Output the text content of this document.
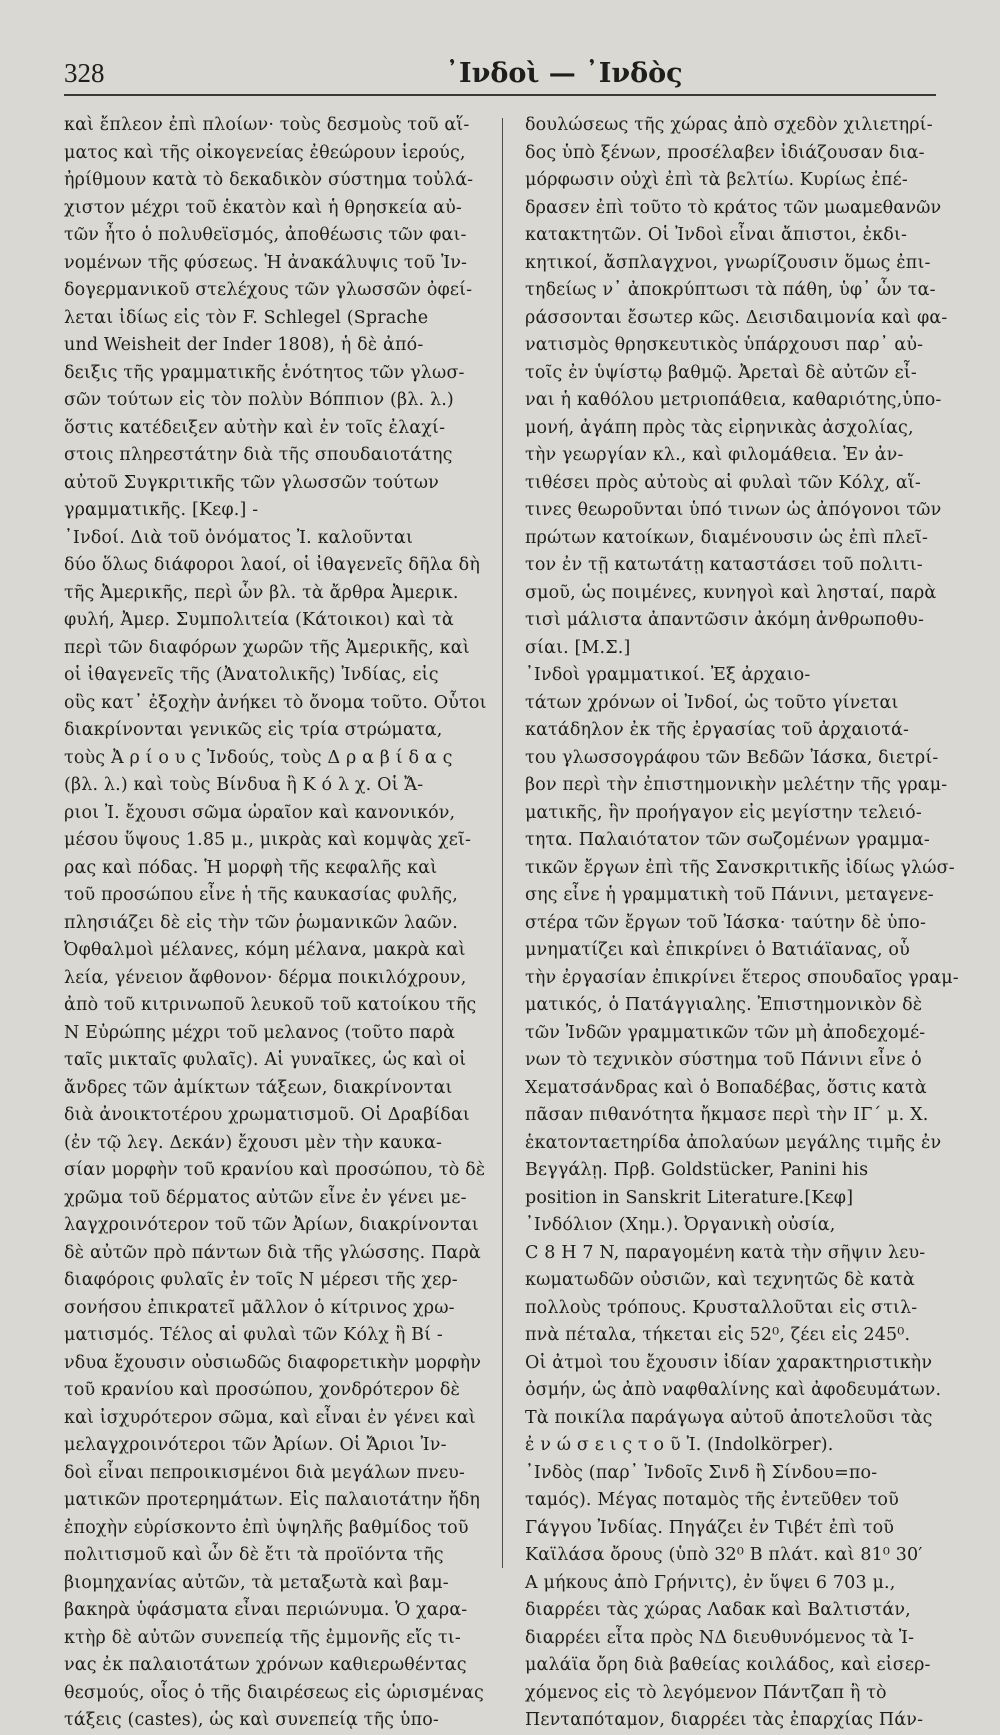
328	᾿Ινδοὶ — ᾿Ινδὸς
καὶ ἔπλεον ἐπὶ πλοίων· τοὺς δεσμοὺς τοῦ αἵ-
ματος καὶ τῆς οἰκογενείας ἐθεώρουν ἱερούς,
ἠρίθμουν κατὰ τὸ δεκαδικὸν σύστημα τοὐλά-
χιστον μέχρι τοῦ ἑκατὸν καὶ ἡ θρησκεία αὐ-
τῶν ἦτο ὁ πολυθεϊσμός, ἀποθέωσις τῶν φαι-
νομένων τῆς φύσεως. Ἡ ἀνακάλυψις τοῦ Ἰν-
δογερμανικοῦ στελέχους τῶν γλωσσῶν ὀφεί-
λεται ἰδίως εἰς τὸν F. Schlegel (Sprache
und Weisheit der Inder 1808), ἡ δὲ ἀπό-
δειξις τῆς γραμματικῆς ἑνότητος τῶν γλωσ-
σῶν τούτων εἰς τὸν πολὺν Βόππιον (βλ. λ.)
ὅστις κατέδειξεν αὐτὴν καὶ ἐν τοῖς ἐλαχί-
στοις πληρεστάτην διὰ τῆς σπουδαιοτάτης
αὐτοῦ Συγκριτικῆς τῶν γλωσσῶν τούτων
γραμματικῆς. [Κεφ.] -
᾿Ινδοί. Διὰ τοῦ ὀνόματος Ἰ. καλοῦνται
δύο ὅλως διάφοροι λαοί, οἱ ἰθαγενεῖς δῆλα δὴ
τῆς Ἀμερικῆς, περὶ ὧν βλ. τὰ ἄρθρα Ἀμερικ.
φυλή, Ἀμερ. Συμπολιτεία (Κάτοικοι) καὶ τὰ
περὶ τῶν διαφόρων χωρῶν τῆς Ἀμερικῆς, καὶ
οἱ ἰθαγενεῖς τῆς (Ἀνατολικῆς) Ἰνδίας, εἰς
οὓς κατ᾽ ἐξοχὴν ἀνήκει τὸ ὄνομα τοῦτο. Οὗτοι
διακρίνονται γενικῶς εἰς τρία στρώματα,
τοὺς Ἀ ρ ί ο υ ς Ἰνδούς, τοὺς Δ ρ α β ί δ α ς
(βλ. λ.) καὶ τοὺς Βίνδυα ἢ Κ ό λ χ. Οἱ Ἄ-
ριοι Ἰ. ἔχουσι σῶμα ὡραῖον καὶ κανονικόν,
μέσου ὕψους 1.85 μ., μικρὰς καὶ κομψὰς χεῖ-
ρας καὶ πόδας. Ἡ μορφὴ τῆς κεφαλῆς καὶ
τοῦ προσώπου εἶνε ἡ τῆς καυκασίας φυλῆς,
πλησιάζει δὲ εἰς τὴν τῶν ῥωμανικῶν λαῶν.
Ὀφθαλμοὶ μέλανες, κόμη μέλανα, μακρὰ καὶ
λεία, γένειον ἄφθονον· δέρμα ποικιλόχρουν,
ἀπὸ τοῦ κιτρινωποῦ λευκοῦ τοῦ κατοίκου τῆς
Ν Εὐρώπης μέχρι τοῦ μελανος (τοῦτο παρὰ
ταῖς μικταῖς φυλαῖς). Αἱ γυναῖκες, ὡς καὶ οἱ
ἄνδρες τῶν ἀμίκτων τάξεων, διακρίνονται
διὰ ἀνοικτοτέρου χρωματισμοῦ. Οἱ Δραβίδαι
(ἐν τῷ λεγ. Δεκάν) ἔχουσι μὲν τὴν καυκα-
σίαν μορφὴν τοῦ κρανίου καὶ προσώπου, τὸ δὲ
χρῶμα τοῦ δέρματος αὐτῶν εἶνε ἐν γένει με-
λαγχροινότερον τοῦ τῶν Ἀρίων, διακρίνονται
δὲ αὐτῶν πρὸ πάντων διὰ τῆς γλώσσης. Παρὰ
διαφόροις φυλαῖς ἐν τοῖς Ν μέρεσι τῆς χερ-
σονήσου ἐπικρατεῖ μᾶλλον ὁ κίτρινος χρω-
ματισμός. Τέλος αἱ φυλαὶ τῶν Κόλχ ἢ Βί -
νδυα ἔχουσιν οὐσιωδῶς διαφορετικὴν μορφὴν
τοῦ κρανίου καὶ προσώπου, χονδρότερον δὲ
καὶ ἰσχυρότερον σῶμα, καὶ εἶναι ἐν γένει καὶ
μελαγχροινότεροι τῶν Ἀρίων. Οἱ Ἄριοι Ἰν-
δοὶ εἶναι πεπροικισμένοι διὰ μεγάλων πνευ-
ματικῶν προτερημάτων. Εἰς παλαιοτάτην ἤδη
ἐποχὴν εὑρίσκοντο ἐπὶ ὑψηλῆς βαθμίδος τοῦ
πολιτισμοῦ καὶ ὧν δὲ ἔτι τὰ προϊόντα τῆς
βιομηχανίας αὐτῶν, τὰ μεταξωτὰ καὶ βαμ-
βακηρὰ ὑφάσματα εἶναι περιώνυμα. Ὁ χαρα-
κτὴρ δὲ αὐτῶν συνεπείᾳ τῆς ἐμμονῆς εἴς τι-
νας ἐκ παλαιοτάτων χρόνων καθιερωθέντας
θεσμούς, οἷος ὁ τῆς διαιρέσεως εἰς ὡρισμένας
τάξεις (castes), ὡς καὶ συνεπείᾳ τῆς ὑπο-
δουλώσεως τῆς χώρας ἀπὸ σχεδὸν χιλιετηρί-
δος ὑπὸ ξένων, προσέλαβεν ἰδιάζουσαν δια-
μόρφωσιν οὐχὶ ἐπὶ τὰ βελτίω. Κυρίως ἐπέ-
δρασεν ἐπὶ τοῦτο τὸ κράτος τῶν μωαμεθανῶν
κατακτητῶν. Οἱ Ἰνδοὶ εἶναι ἄπιστοι, ἐκδι-
κητικοί, ἄσπλαγχνοι, γνωρίζουσιν ὅμως ἐπι-
τηδείως ν᾽ ἀποκρύπτωσι τὰ πάθη, ὑφ᾽ ὧν τα-
ράσσονται ἔσωτερ κῶς. Δεισιδαιμονία καὶ φα-
νατισμὸς θρησκευτικὸς ὑπάρχουσι παρ᾽ αὐ-
τοῖς ἐν ὑψίστῳ βαθμῷ. Ἀρεταὶ δὲ αὐτῶν εἶ-
ναι ἡ καθόλου μετριοπάθεια, καθαριότης,ὑπο-
μονή, ἀγάπη πρὸς τὰς εἰρηνικὰς ἀσχολίας,
τὴν γεωργίαν κλ., καὶ φιλομάθεια. Ἐν ἀν-
τιθέσει πρὸς αὐτοὺς αἱ φυλαὶ τῶν Κόλχ, αἵ-
τινες θεωροῦνται ὑπό τινων ὡς ἀπόγονοι τῶν
πρώτων κατοίκων, διαμένουσιν ὡς ἐπὶ πλεῖ-
τον ἐν τῇ κατωτάτῃ καταστάσει τοῦ πολιτι-
σμοῦ, ὡς ποιμένες, κυνηγοὶ καὶ λησταί, παρὰ
τισὶ μάλιστα ἀπαντῶσιν ἀκόμη ἀνθρωποθυ-
σίαι. [Μ.Σ.]
᾿Ινδοὶ γραμματικοί. Ἐξ ἀρχαιο-
τάτων χρόνων οἱ Ἰνδοί, ὡς τοῦτο γίνεται
κατάδηλον ἐκ τῆς ἐργασίας τοῦ ἀρχαιοτά-
του γλωσσογράφου τῶν Βεδῶν Ἰάσκα, διετρί-
βον περὶ τὴν ἐπιστημονικὴν μελέτην τῆς γραμ-
ματικῆς, ἣν προήγαγον εἰς μεγίστην τελειό-
τητα. Παλαιότατον τῶν σωζομένων γραμμα-
τικῶν ἔργων ἐπὶ τῆς Σανσκριτικῆς ἰδίως γλώσ-
σης εἶνε ἡ γραμματικὴ τοῦ Πάνινι, μεταγενε-
στέρα τῶν ἔργων τοῦ Ἰάσκα· ταύτην δὲ ὑπο-
μνηματίζει καὶ ἐπικρίνει ὁ Βατιάϊανας, οὗ
τὴν ἐργασίαν ἐπικρίνει ἕτερος σπουδαῖος γραμ-
ματικός, ὁ Πατάγγιαλης. Ἐπιστημονικὸν δὲ
τῶν Ἰνδῶν γραμματικῶν τῶν μὴ ἀποδεχομέ-
νων τὸ τεχνικὸν σύστημα τοῦ Πάνινι εἶνε ὁ
Χεματσάνδρας καὶ ὁ Βοπαδέβας, ὅστις κατὰ
πᾶσαν πιθανότητα ἤκμασε περὶ τὴν ΙΓ´ μ. Χ.
ἑκατονταετηρίδα ἀπολαύων μεγάλης τιμῆς ἐν
Βεγγάλῃ. Πρβ. Goldstücker, Panini his
position in Sanskrit Literature.[Κεφ]
᾿Ινδόλιον (Χημ.). Ὀργανικὴ οὐσία,
C 8 H 7 N, παραγομένη κατὰ τὴν σῆψιν λευ-
κωματωδῶν οὐσιῶν, καὶ τεχνητῶς δὲ κατὰ
πολλοὺς τρόπους. Κρυσταλλοῦται εἰς στιλ-
πνὰ πέταλα, τήκεται εἰς 52⁰, ζέει εἰς 245⁰.
Οἱ ἀτμοὶ του ἔχουσιν ἰδίαν χαρακτηριστικὴν
ὀσμήν, ὡς ἀπὸ ναφθαλίνης καὶ ἀφοδευμάτων.
Τὰ ποικίλα παράγωγα αὐτοῦ ἀποτελοῦσι τὰς
ἐ ν ώ σ ε ι ς τ ο ῦ Ἰ. (Indolkörper).
᾿Ινδὸς (παρ᾽ Ἰνδοῖς Σινδ ἢ Σίνδου=πο-
ταμός). Μέγας ποταμὸς τῆς ἐντεῦθεν τοῦ
Γάγγου Ἰνδίας. Πηγάζει ἐν Τιβέτ ἐπὶ τοῦ
Καϊλάσα ὄρους (ὑπὸ 32⁰ Β πλάτ. καὶ 81⁰ 30′
Α μήκους ἀπὸ Γρήνιτς), ἐν ὕψει 6 703 μ.,
διαρρέει τὰς χώρας Λαδακ καὶ Βαλτιστάν,
διαρρέει εἶτα πρὸς ΝΔ διευθυνόμενος τὰ Ἰ-
μαλάϊα ὄρη διὰ βαθείας κοιλάδος, καὶ εἰσερ-
χόμενος εἰς τὸ λεγόμενον Πάντζαπ ἢ τὸ
Πενταπόταμον, διαρρέει τὰς ἐπαρχίας Πάν-
